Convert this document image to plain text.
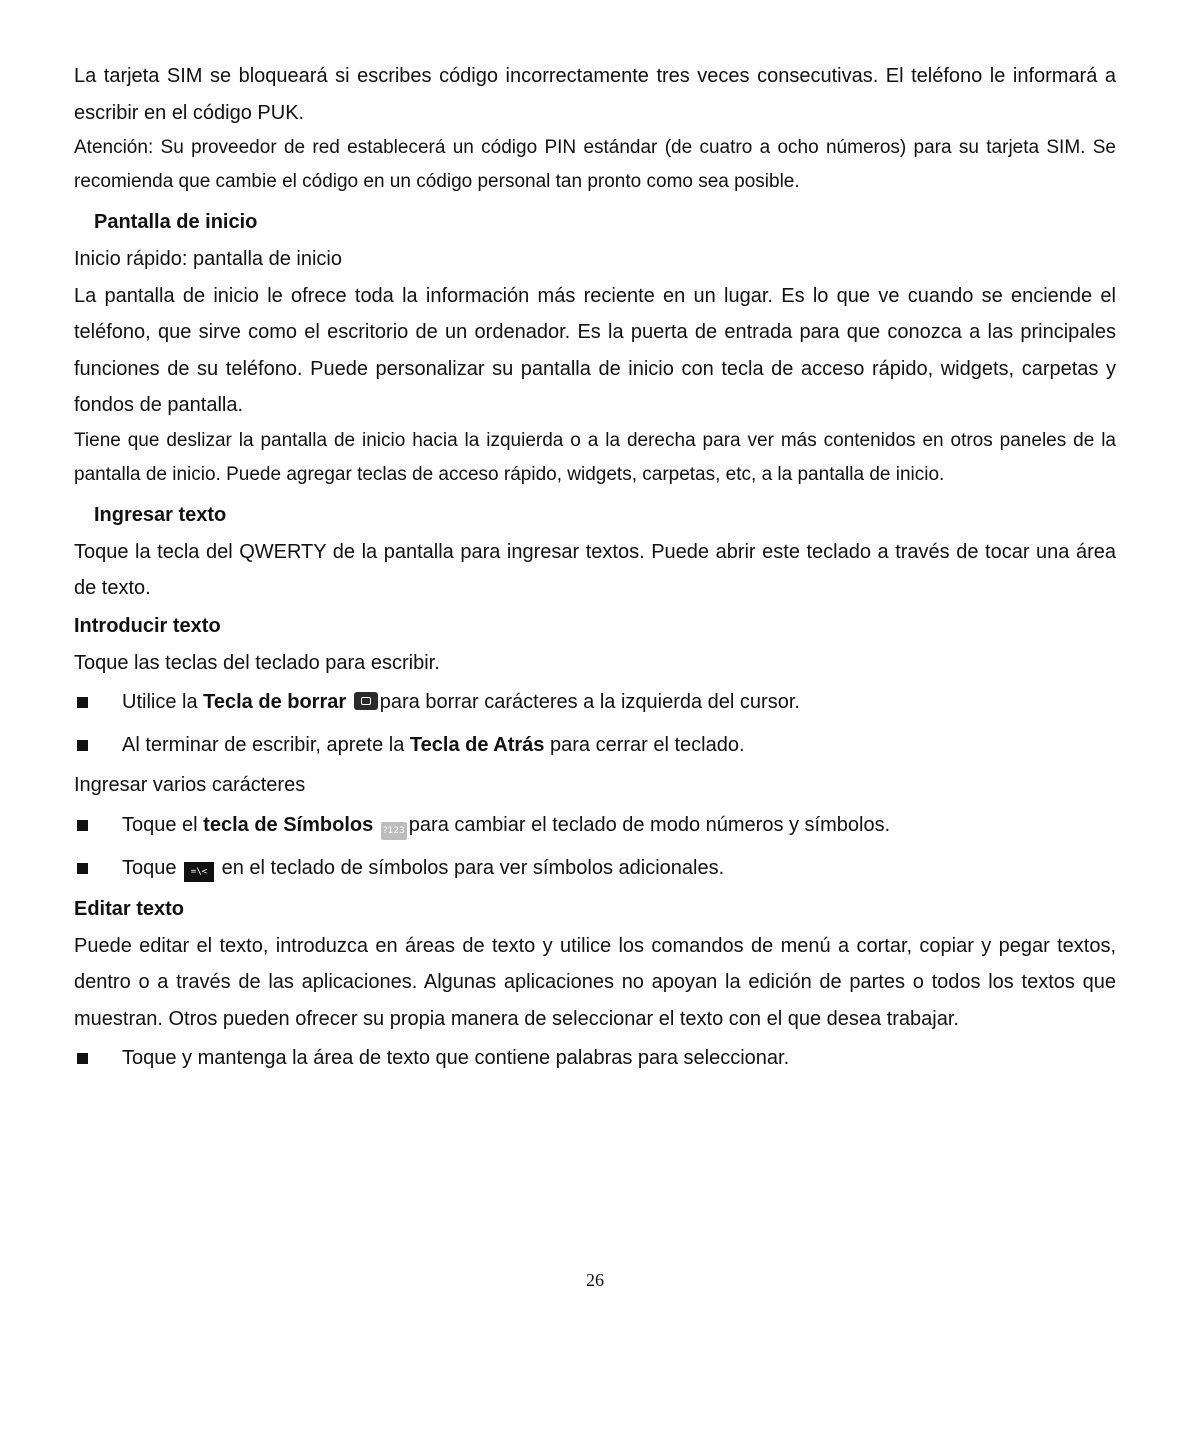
La tarjeta SIM se bloqueará si escribes código incorrectamente tres veces consecutivas. El teléfono le informará a escribir en el código PUK.

Atención: Su proveedor de red establecerá un código PIN estándar (de cuatro a ocho números) para su tarjeta SIM. Se recomienda que cambie el código en un código personal tan pronto como sea posible.

Pantalla de inicio

Inicio rápido: pantalla de inicio

La pantalla de inicio le ofrece toda la información más reciente en un lugar. Es lo que ve cuando se enciende el teléfono, que sirve como el escritorio de un ordenador. Es la puerta de entrada para que conozca a las principales funciones de su teléfono. Puede personalizar su pantalla de inicio con tecla de acceso rápido, widgets, carpetas y fondos de pantalla.

Tiene que deslizar la pantalla de inicio hacia la izquierda o a la derecha para ver más contenidos en otros paneles de la pantalla de inicio. Puede agregar teclas de acceso rápido, widgets, carpetas, etc, a la pantalla de inicio.

Ingresar texto

Toque la tecla del QWERTY de la pantalla para ingresar textos. Puede abrir este teclado a través de tocar una área de texto.

Introducir texto

Toque las teclas del teclado para escribir.

Utilice la Tecla de borrar para borrar carácteres a la izquierda del cursor.
Al terminar de escribir, aprete la Tecla de Atrás para cerrar el teclado.

Ingresar varios carácteres

Toque el tecla de Símbolos ?123 para cambiar el teclado de modo números y símbolos.
Toque =\< en el teclado de símbolos para ver símbolos adicionales.

Editar texto

Puede editar el texto, introduzca en áreas de texto y utilice los comandos de menú a cortar, copiar y pegar textos, dentro o a través de las aplicaciones. Algunas aplicaciones no apoyan la edición de partes o todos los textos que muestran. Otros pueden ofrecer su propia manera de seleccionar el texto con el que desea trabajar.

Toque y mantenga la área de texto que contiene palabras para seleccionar.
26
